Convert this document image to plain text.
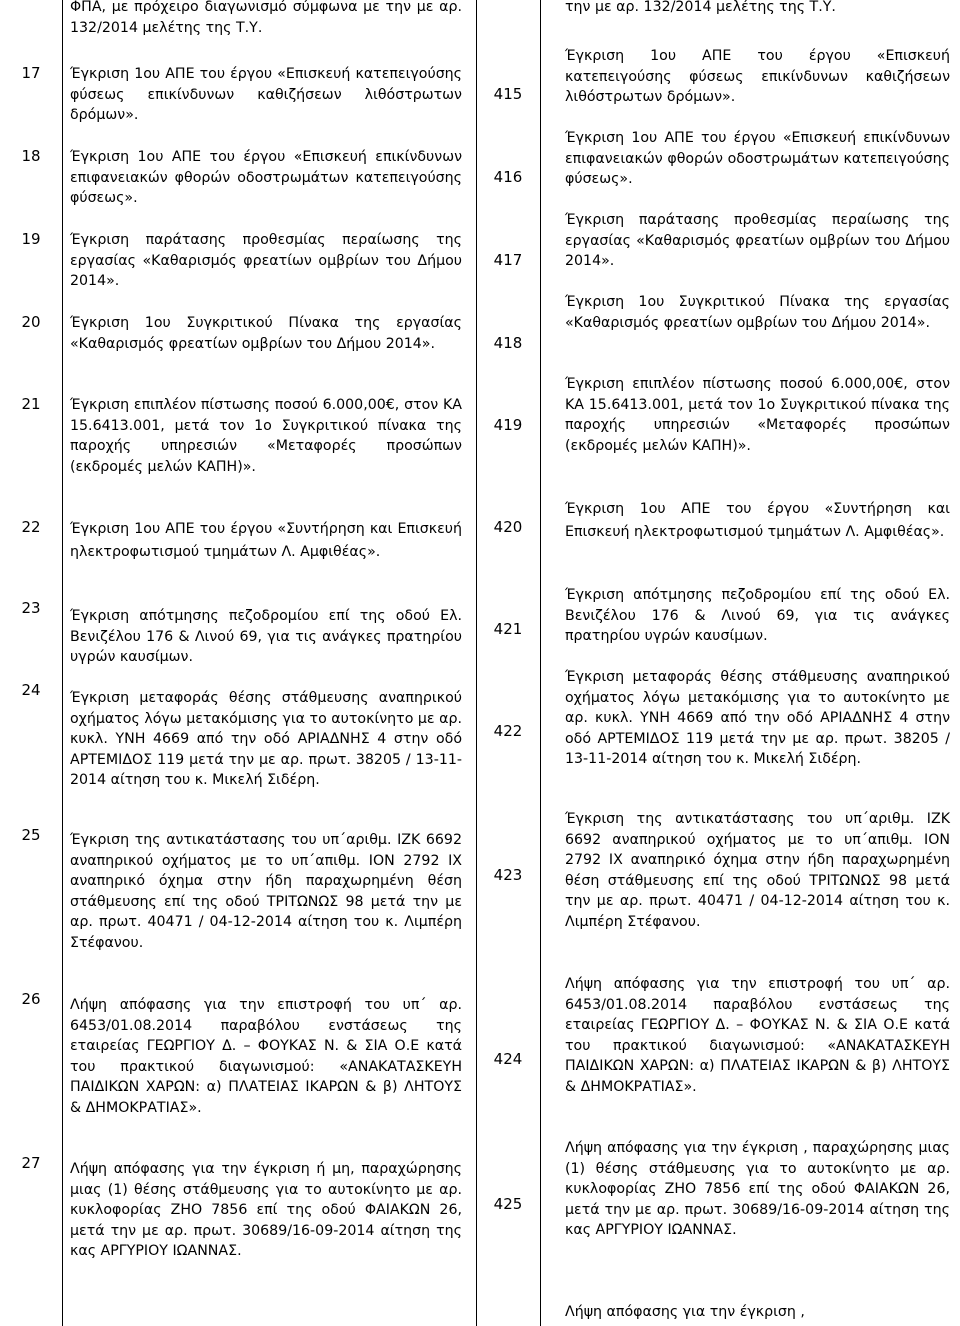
ΦΠΑ, με πρόχειρο διαγωνισμό σύμφωνα με την με αρ. 132/2014 μελέτης της Τ.Υ.
την με αρ. 132/2014 μελέτης της Τ.Υ.
17
415
Έγκριση 1ου ΑΠΕ του έργου «Επισκευή κατεπειγούσης φύσεως επικίνδυνων καθιζήσεων λιθόστρωτων δρόμων».
Έγκριση 1ου ΑΠΕ του έργου «Επισκευή κατεπειγούσης φύσεως επικίνδυνων καθιζήσεων λιθόστρωτων δρόμων».
18
416
Έγκριση 1ου ΑΠΕ του έργου «Επισκευή επικίνδυνων επιφανειακών φθορών οδοστρωμάτων κατεπειγούσης φύσεως».
Έγκριση 1ου ΑΠΕ του έργου «Επισκευή επικίνδυνων επιφανειακών φθορών οδοστρωμάτων κατεπειγούσης φύσεως».
19
417
Έγκριση παράτασης προθεσμίας περαίωσης της εργασίας «Καθαρισμός φρεατίων ομβρίων του Δήμου 2014».
Έγκριση παράτασης προθεσμίας περαίωσης της εργασίας «Καθαρισμός φρεατίων ομβρίων του Δήμου 2014».
20
418
Έγκριση 1ου Συγκριτικού Πίνακα της εργασίας «Καθαρισμός φρεατίων ομβρίων του Δήμου 2014».
Έγκριση 1ου Συγκριτικού Πίνακα της εργασίας «Καθαρισμός φρεατίων ομβρίων του Δήμου 2014».
21
419
Έγκριση επιπλέον πίστωσης ποσού 6.000,00€, στον ΚΑ 15.6413.001, μετά τον 1ο Συγκριτικού πίνακα της παροχής υπηρεσιών «Μεταφορές προσώπων (εκδρομές μελών ΚΑΠΗ)».
Έγκριση επιπλέον πίστωσης ποσού 6.000,00€, στον ΚΑ 15.6413.001, μετά τον 1ο Συγκριτικού πίνακα της παροχής υπηρεσιών «Μεταφορές προσώπων (εκδρομές μελών ΚΑΠΗ)».
22	420
Έγκριση 1ου ΑΠΕ του έργου «Συντήρηση και Επισκευή ηλεκτροφωτισμού τμημάτων Λ. Αμφιθέας».
Έγκριση 1ου ΑΠΕ του έργου «Συντήρηση και Επισκευή ηλεκτροφωτισμού τμημάτων Λ. Αμφιθέας».
23
421
Έγκριση απότμησης πεζοδρομίου επί της οδού Ελ. Βενιζέλου 176 & Λινού 69, για τις ανάγκες πρατηρίου υγρών καυσίμων.
Έγκριση απότμησης πεζοδρομίου επί της οδού Ελ. Βενιζέλου 176 & Λινού 69, για τις ανάγκες πρατηρίου υγρών καυσίμων.
24
422
Έγκριση μεταφοράς θέσης στάθμευσης αναπηρικού οχήματος λόγω μετακόμισης για το αυτοκίνητο με αρ. κυκλ. ΥΝΗ 4669 από την οδό ΑΡΙΑΔΝΗΣ 4 στην οδό ΑΡΤΕΜΙΔΟΣ 119 μετά την με αρ. πρωτ. 38205 / 13-11-2014 αίτηση του κ. Μικελή Σιδέρη.
Έγκριση μεταφοράς θέσης στάθμευσης αναπηρικού οχήματος λόγω μετακόμισης για το αυτοκίνητο με αρ. κυκλ. ΥΝΗ 4669 από την οδό ΑΡΙΑΔΝΗΣ 4 στην οδό ΑΡΤΕΜΙΔΟΣ 119 μετά την με αρ. πρωτ. 38205 / 13-11-2014 αίτηση του κ. Μικελή Σιδέρη.
25
423
Έγκριση της αντικατάστασης του υπ΄αριθμ. ΙΖΚ 6692 αναπηρικού οχήματος με το υπ΄απιθμ. ΙΟΝ 2792 ΙΧ αναπηρικό όχημα στην ήδη παραχωρημένη θέση στάθμευσης επί της οδού ΤΡΙΤΩΝΩΣ 98 μετά την με αρ. πρωτ. 40471 / 04-12-2014 αίτηση του κ. Λιμπέρη Στέφανου.
Έγκριση της αντικατάστασης του υπ΄αριθμ. ΙΖΚ 6692 αναπηρικού οχήματος με το υπ΄απιθμ. ΙΟΝ 2792 ΙΧ αναπηρικό όχημα στην ήδη παραχωρημένη θέση στάθμευσης επί της οδού ΤΡΙΤΩΝΩΣ 98 μετά την με αρ. πρωτ. 40471 / 04-12-2014 αίτηση του κ. Λιμπέρη Στέφανου.
26
424
Λήψη απόφασης για την επιστροφή του υπ΄ αρ. 6453/01.08.2014 παραβόλου ενστάσεως της εταιρείας ΓΕΩΡΓΙΟΥ Δ. – ΦΟΥΚΑΣ Ν. & ΣΙΑ Ο.Ε κατά του πρακτικού διαγωνισμού: «ΑΝΑΚΑΤΑΣΚΕΥΗ ΠΑΙΔΙΚΩΝ ΧΑΡΩΝ: α) ΠΛΑΤΕΙΑΣ ΙΚΑΡΩΝ & β) ΛΗΤΟΥΣ & ΔΗΜΟΚΡΑΤΙΑΣ».
Λήψη απόφασης για την επιστροφή του υπ΄ αρ. 6453/01.08.2014 παραβόλου ενστάσεως της εταιρείας ΓΕΩΡΓΙΟΥ Δ. – ΦΟΥΚΑΣ Ν. & ΣΙΑ Ο.Ε κατά του πρακτικού διαγωνισμού: «ΑΝΑΚΑΤΑΣΚΕΥΗ ΠΑΙΔΙΚΩΝ ΧΑΡΩΝ: α) ΠΛΑΤΕΙΑΣ ΙΚΑΡΩΝ & β) ΛΗΤΟΥΣ & ΔΗΜΟΚΡΑΤΙΑΣ».
27
425
Λήψη απόφασης για την έγκριση ή μη, παραχώρησης μιας (1) θέσης στάθμευσης για το αυτοκίνητο με αρ. κυκλοφορίας ΖΗΟ 7856 επί της οδού ΦΑΙΑΚΩΝ 26, μετά την με αρ. πρωτ. 30689/16-09-2014 αίτηση της κας ΑΡΓΥΡΙΟΥ ΙΩΑΝΝΑΣ.
Λήψη απόφασης για την έγκριση , παραχώρησης μιας (1) θέσης στάθμευσης για το αυτοκίνητο με αρ. κυκλοφορίας ΖΗΟ 7856 επί της οδού ΦΑΙΑΚΩΝ 26, μετά την με αρ. πρωτ. 30689/16-09-2014 αίτηση της κας ΑΡΓΥΡΙΟΥ ΙΩΑΝΝΑΣ.
Λήψη απόφασης για την έγκριση ,
